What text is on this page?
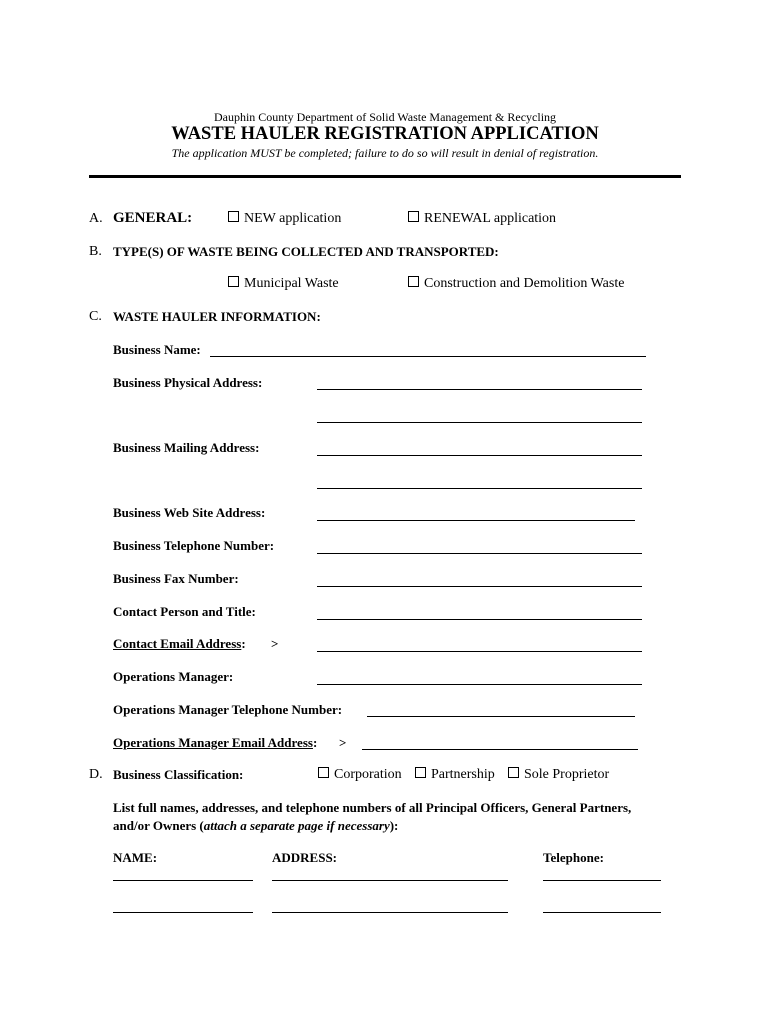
Dauphin County Department of Solid Waste Management & Recycling
WASTE HAULER REGISTRATION APPLICATION
The application MUST be completed; failure to do so will result in denial of registration.
A. GENERAL:	NEW application	RENEWAL application
B. TYPE(S) OF WASTE BEING COLLECTED AND TRANSPORTED:
Municipal Waste	Construction and Demolition Waste
C. WASTE HAULER INFORMATION:
Business Name:
Business Physical Address:
Business Mailing Address:
Business Web Site Address:
Business Telephone Number:
Business Fax Number:
Contact Person and Title:
Contact Email Address: >
Operations Manager:
Operations Manager Telephone Number:
Operations Manager Email Address: >
D. Business Classification:	Corporation	Partnership	Sole Proprietor
List full names, addresses, and telephone numbers of all Principal Officers, General Partners,
and/or Owners (attach a separate page if necessary):
NAME:	ADDRESS:	Telephone:
